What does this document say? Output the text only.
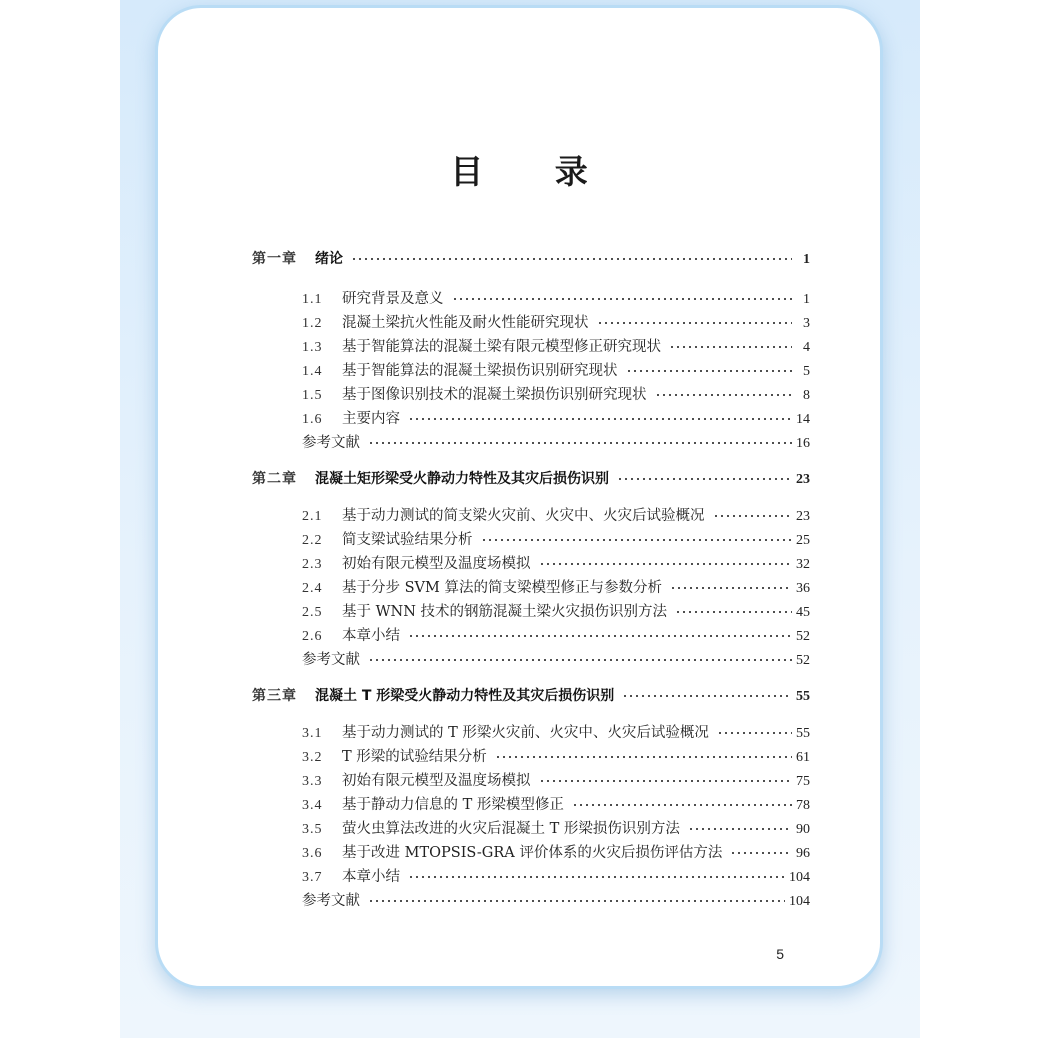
目 录
第一章 绪论	1
1.1	研究背景及意义	1
1.2	混凝土梁抗火性能及耐火性能研究现状	3
1.3	基于智能算法的混凝土梁有限元模型修正研究现状	4
1.4	基于智能算法的混凝土梁损伤识别研究现状	5
1.5	基于图像识别技术的混凝土梁损伤识别研究现状	8
1.6	主要内容	14
参考文献	16
第二章 混凝土矩形梁受火静动力特性及其灾后损伤识别	23
2.1	基于动力测试的简支梁火灾前、火灾中、火灾后试验概况	23
2.2	简支梁试验结果分析	25
2.3	初始有限元模型及温度场模拟	32
2.4	基于分步 SVM 算法的简支梁模型修正与参数分析	36
2.5	基于 WNN 技术的钢筋混凝土梁火灾损伤识别方法	45
2.6	本章小结	52
参考文献	52
第三章 混凝土 T 形梁受火静动力特性及其灾后损伤识别	55
3.1	基于动力测试的 T 形梁火灾前、火灾中、火灾后试验概况	55
3.2	T 形梁的试验结果分析	61
3.3	初始有限元模型及温度场模拟	75
3.4	基于静动力信息的 T 形梁模型修正	78
3.5	萤火虫算法改进的火灾后混凝土 T 形梁损伤识别方法	90
3.6	基于改进 MTOPSIS-GRA 评价体系的火灾后损伤评估方法	96
3.7	本章小结	104
参考文献	104
5
